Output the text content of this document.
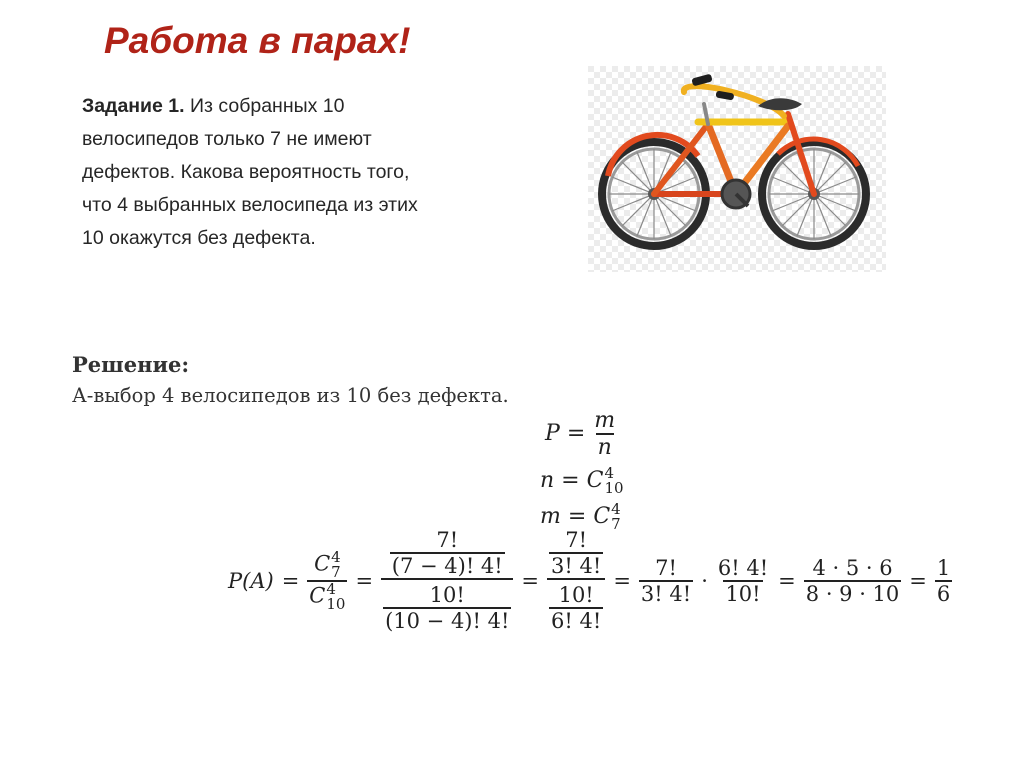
Работа в парах!
Задание 1. Из собранных 10 велосипедов только 7 не имеют дефектов. Какова вероятность того, что 4 выбранных велосипеда из этих 10 окажутся без дефекта.
Решение:
А-выбор 4 велосипедов из 10 без дефекта.
$P = \frac{m}{n}$
n = C 4
10
m = C 4
7
P(A) = C 4
7
C 4
$10 = \frac{\frac{7!}{(7 - 4)! 4!}}{\frac{10!}{(10 - 4)! 4!}} = \frac{\frac{7!}{3! 4!}}{\frac{10!}{6! 4!}} = \frac{7!}{3! 4!} \cdot \frac{6! 4!}{10!} = \frac{4 \cdot 5 \cdot 6}{8 \cdot 9 \cdot 10} = \frac{1}{6}$
